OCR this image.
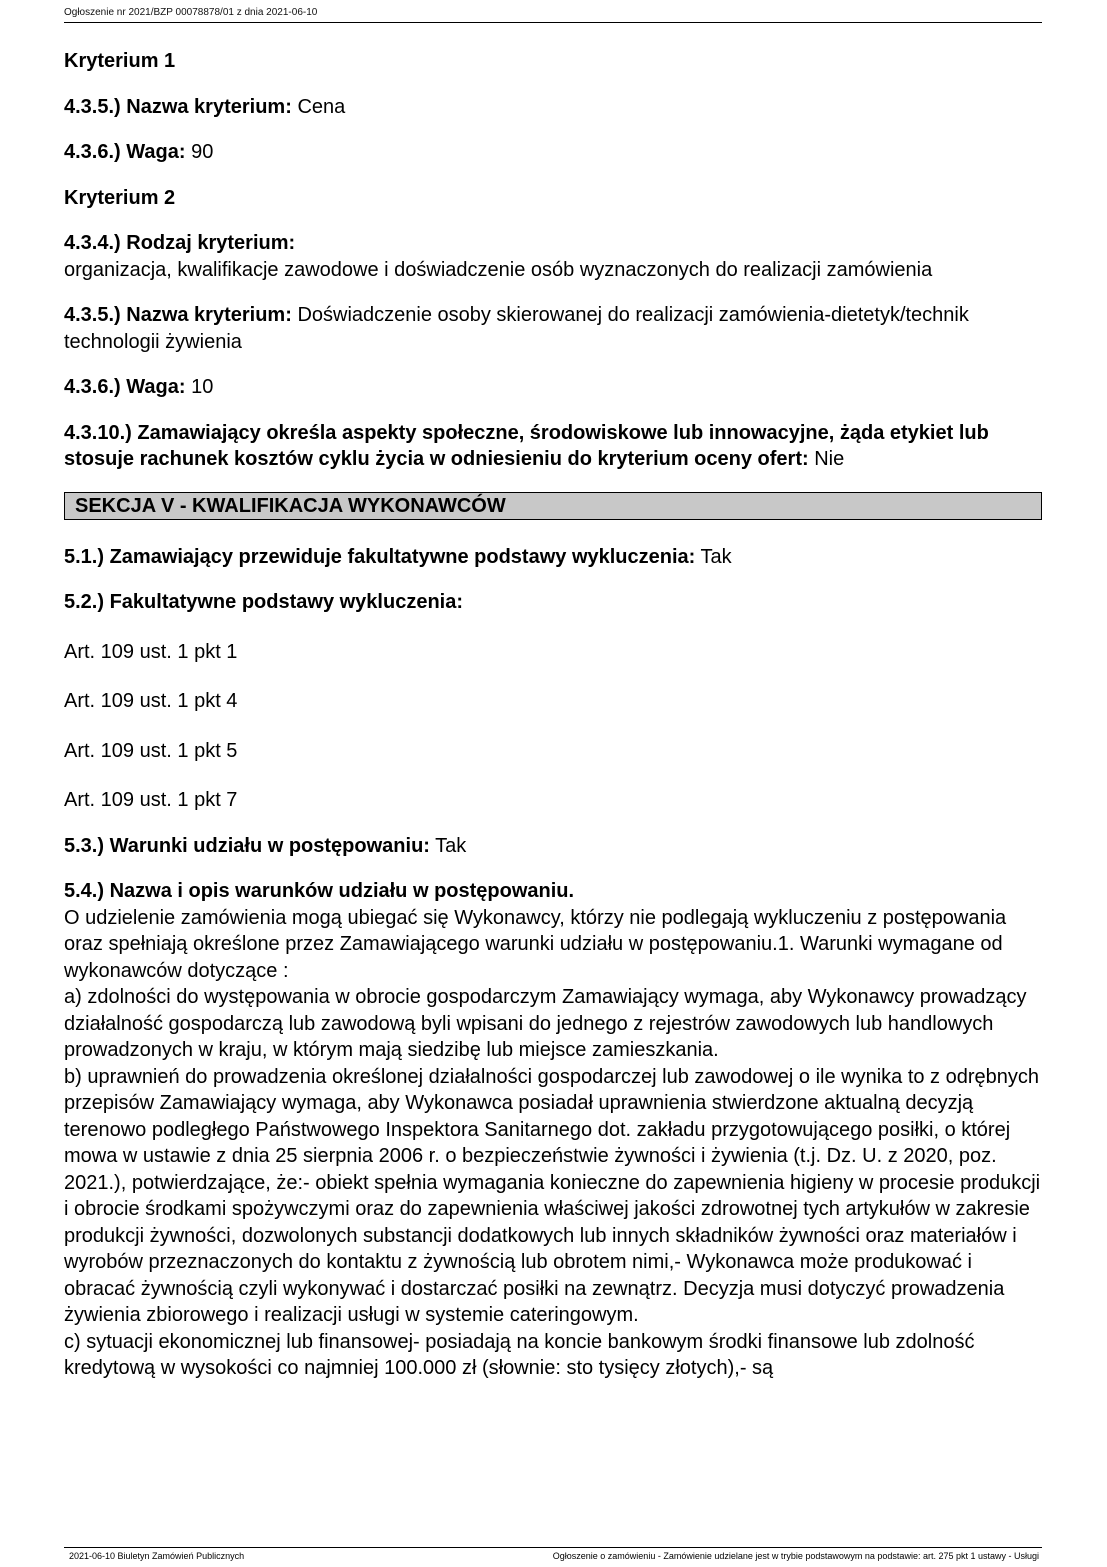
Ogłoszenie nr 2021/BZP 00078878/01 z dnia 2021-06-10

Kryterium 1

4.3.5.) Nazwa kryterium: Cena

4.3.6.) Waga: 90

Kryterium 2

4.3.4.) Rodzaj kryterium:
organizacja, kwalifikacje zawodowe i doświadczenie osób wyznaczonych do realizacji zamówienia

4.3.5.) Nazwa kryterium: Doświadczenie osoby skierowanej do realizacji zamówienia-dietetyk/technik technologii żywienia

4.3.6.) Waga: 10

4.3.10.) Zamawiający określa aspekty społeczne, środowiskowe lub innowacyjne, żąda etykiet lub stosuje rachunek kosztów cyklu życia w odniesieniu do kryterium oceny ofert: Nie

SEKCJA V - KWALIFIKACJA WYKONAWCÓW

5.1.) Zamawiający przewiduje fakultatywne podstawy wykluczenia: Tak

5.2.) Fakultatywne podstawy wykluczenia:

Art. 109 ust. 1 pkt 1

Art. 109 ust. 1 pkt 4

Art. 109 ust. 1 pkt 5

Art. 109 ust. 1 pkt 7

5.3.) Warunki udziału w postępowaniu: Tak

5.4.) Nazwa i opis warunków udziału w postępowaniu.

O udzielenie zamówienia mogą ubiegać się Wykonawcy, którzy nie podlegają wykluczeniu z postępowania oraz spełniają określone przez Zamawiającego warunki udziału w postępowaniu.1. Warunki wymagane od wykonawców dotyczące :

a) zdolności do występowania w obrocie gospodarczym Zamawiający wymaga, aby Wykonawcy prowadzący działalność gospodarczą lub zawodową byli wpisani do jednego z rejestrów zawodowych lub handlowych prowadzonych w kraju, w którym mają siedzibę lub miejsce zamieszkania.

b) uprawnień do prowadzenia określonej działalności gospodarczej lub zawodowej o ile wynika to z odrębnych przepisów Zamawiający wymaga, aby Wykonawca posiadał uprawnienia stwierdzone aktualną decyzją terenowo podległego Państwowego Inspektora Sanitarnego dot. zakładu przygotowującego posiłki, o której mowa w ustawie z dnia 25 sierpnia 2006 r. o bezpieczeństwie żywności i żywienia (t.j. Dz. U. z 2020, poz. 2021.), potwierdzające, że:- obiekt spełnia wymagania konieczne do zapewnienia higieny w procesie produkcji i obrocie środkami spożywczymi oraz do zapewnienia właściwej jakości zdrowotnej tych artykułów w zakresie produkcji żywności, dozwolonych substancji dodatkowych lub innych składników żywności oraz materiałów i wyrobów przeznaczonych do kontaktu z żywnością lub obrotem nimi,- Wykonawca może produkować i obracać żywnością czyli wykonywać i dostarczać posiłki na zewnątrz. Decyzja musi dotyczyć prowadzenia żywienia zbiorowego i realizacji usługi w systemie cateringowym.

c) sytuacji ekonomicznej lub finansowej- posiadają na koncie bankowym środki finansowe lub zdolność kredytową w wysokości co najmniej 100.000 zł (słownie: sto tysięcy złotych),- są

2021-06-10 Biuletyn Zamówień Publicznych	Ogłoszenie o zamówieniu - Zamówienie udzielane jest w trybie podstawowym na podstawie: art. 275 pkt 1 ustawy - Usługi
